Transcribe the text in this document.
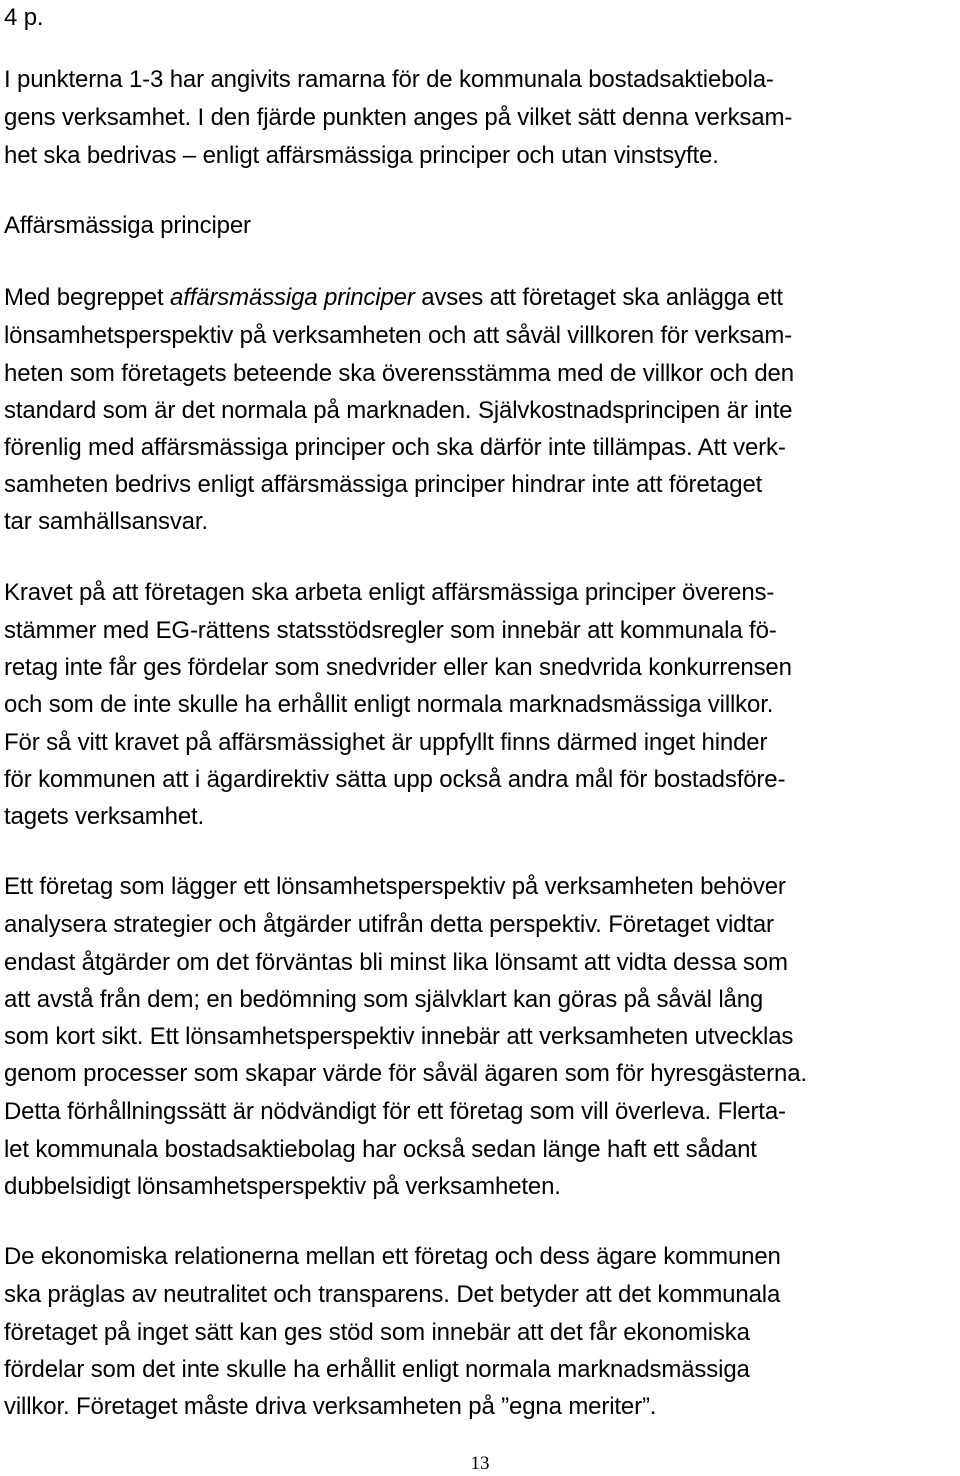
4 p.
I punkterna 1-3 har angivits ramarna för de kommunala bostadsaktiebola-
gens verksamhet. I den fjärde punkten anges på vilket sätt denna verksam-
het ska bedrivas – enligt affärsmässiga principer och utan vinstsyfte.
Affärsmässiga principer
Med begreppet affärsmässiga principer avses att företaget ska anlägga ett
lönsamhetsperspektiv på verksamheten och att såväl villkoren för verksam-
heten som företagets beteende ska överensstämma med de villkor och den
standard som är det normala på marknaden. Självkostnadsprincipen är inte
förenlig med affärsmässiga principer och ska därför inte tillämpas. Att verk-
samheten bedrivs enligt affärsmässiga principer hindrar inte att företaget
tar samhällsansvar.
Kravet på att företagen ska arbeta enligt affärsmässiga principer överens-
stämmer med EG-rättens statsstödsregler som innebär att kommunala fö-
retag inte får ges fördelar som snedvrider eller kan snedvrida konkurrensen
och som de inte skulle ha erhållit enligt normala marknadsmässiga villkor.
För så vitt kravet på affärsmässighet är uppfyllt finns därmed inget hinder
för kommunen att i ägardirektiv sätta upp också andra mål för bostadsföre-
tagets verksamhet.
Ett företag som lägger ett lönsamhetsperspektiv på verksamheten behöver
analysera strategier och åtgärder utifrån detta perspektiv. Företaget vidtar
endast åtgärder om det förväntas bli minst lika lönsamt att vidta dessa som
att avstå från dem; en bedömning som självklart kan göras på såväl lång
som kort sikt. Ett lönsamhetsperspektiv innebär att verksamheten utvecklas
genom processer som skapar värde för såväl ägaren som för hyresgästerna.
Detta förhållningssätt är nödvändigt för ett företag som vill överleva. Flerta-
let kommunala bostadsaktiebolag har också sedan länge haft ett sådant
dubbelsidigt lönsamhetsperspektiv på verksamheten.
De ekonomiska relationerna mellan ett företag och dess ägare kommunen
ska präglas av neutralitet och transparens. Det betyder att det kommunala
företaget på inget sätt kan ges stöd som innebär att det får ekonomiska
fördelar som det inte skulle ha erhållit enligt normala marknadsmässiga
villkor. Företaget måste driva verksamheten på ”egna meriter”.
13
